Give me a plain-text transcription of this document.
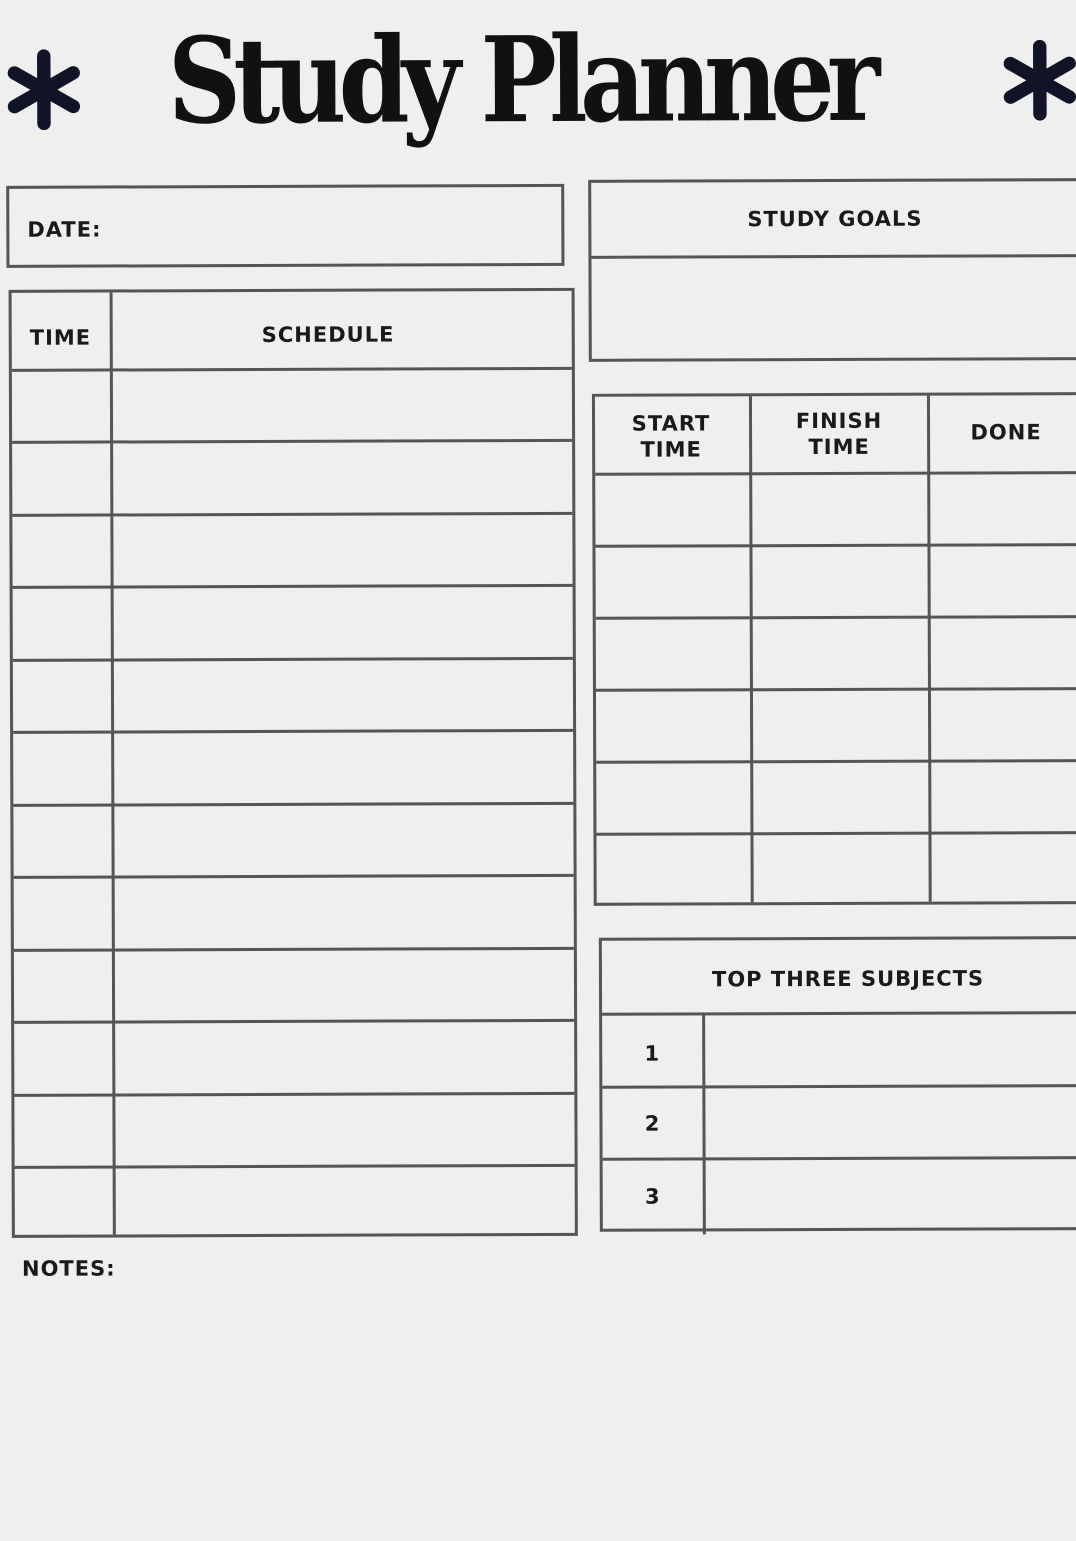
Study Planner
DATE:
TIME	SCHEDULE
STUDY GOALS
START
TIME
FINISH
TIME
DONE
TOP THREE SUBJECTS
1
2
3
NOTES:
